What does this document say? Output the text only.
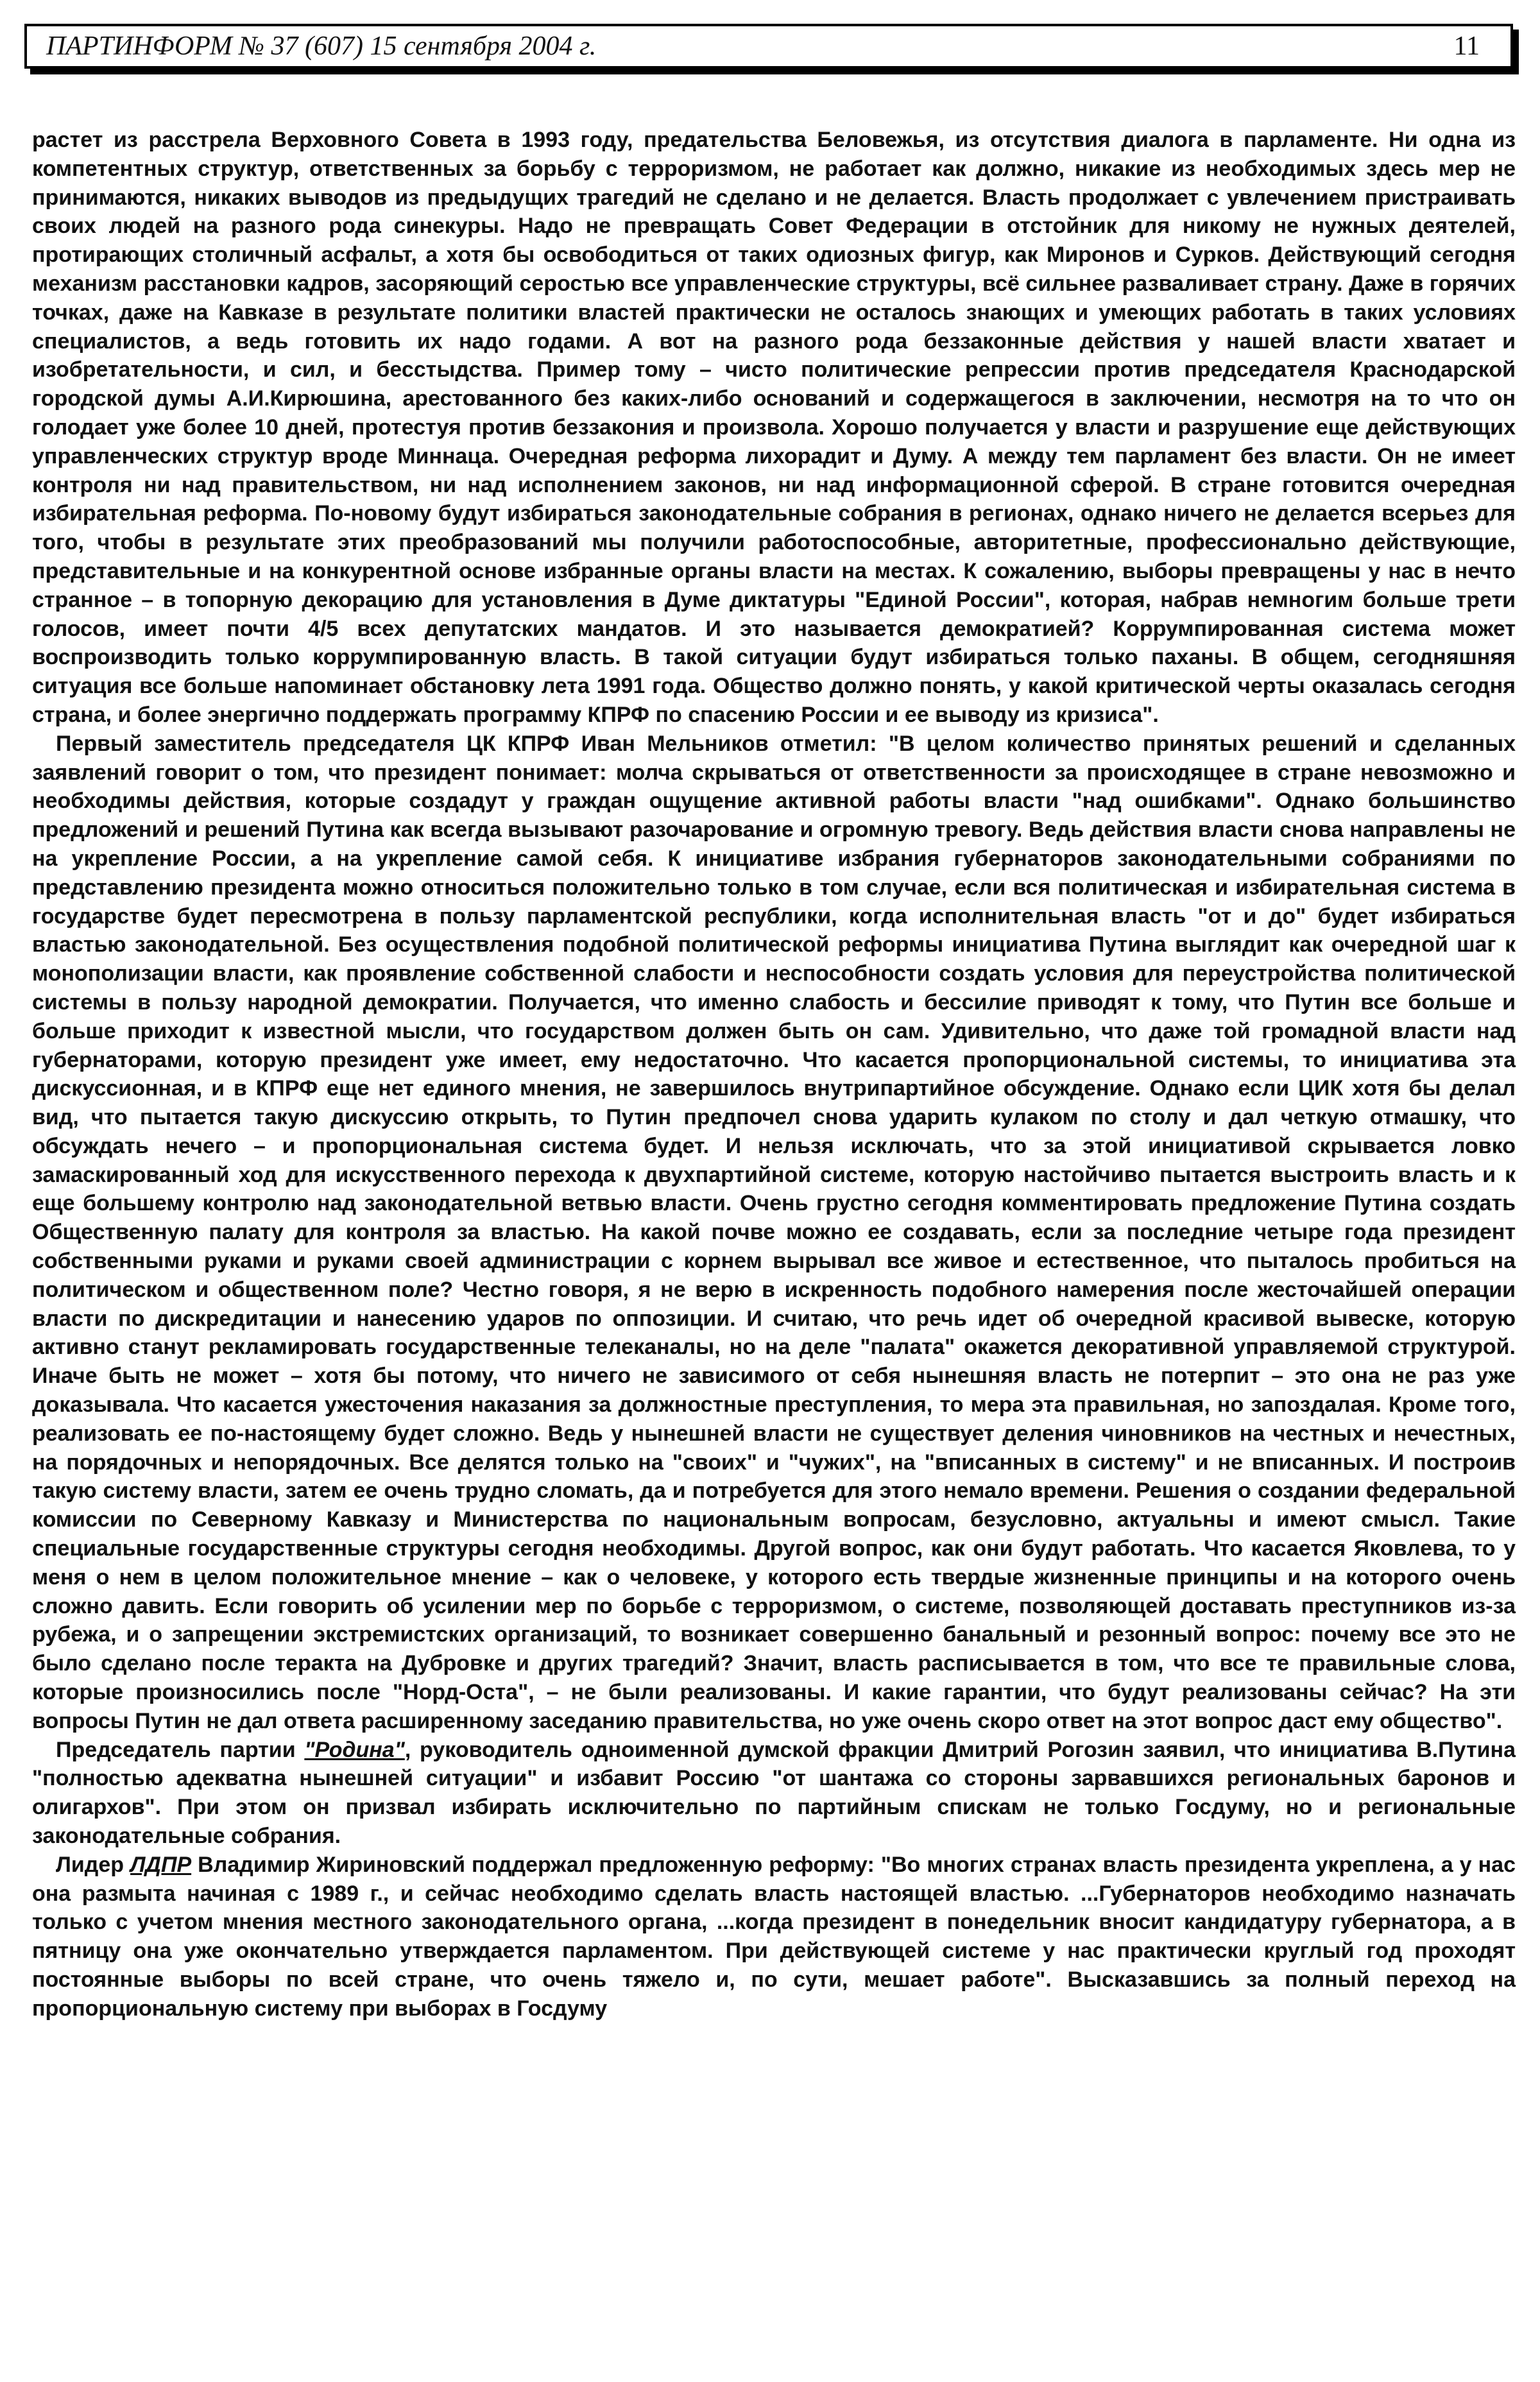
ПАРТИНФОРМ № 37 (607) 15 сентября 2004 г.	11

растет из расстрела Верховного Совета в 1993 году, предательства Беловежья, из отсутствия диалога в парламенте. Ни одна из компетентных структур, ответственных за борьбу с терроризмом, не работает как должно, никакие из необходимых здесь мер не принимаются, никаких выводов из предыдущих трагедий не сделано и не делается. Власть продолжает с увлечением пристраивать своих людей на разного рода синекуры. Надо не превращать Совет Федерации в отстойник для никому не нужных деятелей, протирающих столичный асфальт, а хотя бы освободиться от таких одиозных фигур, как Миронов и Сурков. Действующий сегодня механизм расстановки кадров, засоряющий серостью все управленческие структуры, всё сильнее разваливает страну. Даже в горячих точках, даже на Кавказе в результате политики властей практически не осталось знающих и умеющих работать в таких условиях специалистов, а ведь готовить их надо годами. А вот на разного рода беззаконные действия у нашей власти хватает и изобретательности, и сил, и бесстыдства. Пример тому – чисто политические репрессии против председателя Краснодарской городской думы А.И.Кирюшина, арестованного без каких-либо оснований и содержащегося в заключении, несмотря на то что он голодает уже более 10 дней, протестуя против беззакония и произвола. Хорошо получается у власти и разрушение еще действующих управленческих структур вроде Миннаца. Очередная реформа лихорадит и Думу. А между тем парламент без власти. Он не имеет контроля ни над правительством, ни над исполнением законов, ни над информационной сферой. В стране готовится очередная избирательная реформа. По-новому будут избираться законодательные собрания в регионах, однако ничего не делается всерьез для того, чтобы в результате этих преобразований мы получили работоспособные, авторитетные, профессионально действующие, представительные и на конкурентной основе избранные органы власти на местах. К сожалению, выборы превращены у нас в нечто странное – в топорную декорацию для установления в Думе диктатуры "Единой России", которая, набрав немногим больше трети голосов, имеет почти 4/5 всех депутатских мандатов. И это называется демократией? Коррумпированная система может воспроизводить только коррумпированную власть. В такой ситуации будут избираться только паханы. В общем, сегодняшняя ситуация все больше напоминает обстановку лета 1991 года. Общество должно понять, у какой критической черты оказалась сегодня страна, и более энергично поддержать программу КПРФ по спасению России и ее выводу из кризиса".

Первый заместитель председателя ЦК КПРФ Иван Мельников отметил: "В целом количество принятых решений и сделанных заявлений говорит о том, что президент понимает: молча скрываться от ответственности за происходящее в стране невозможно и необходимы действия, которые создадут у граждан ощущение активной работы власти "над ошибками". Однако большинство предложений и решений Путина как всегда вызывают разочарование и огромную тревогу. Ведь действия власти снова направлены не на укрепление России, а на укрепление самой себя. К инициативе избрания губернаторов законодательными собраниями по представлению президента можно относиться положительно только в том случае, если вся политическая и избирательная система в государстве будет пересмотрена в пользу парламентской республики, когда исполнительная власть "от и до" будет избираться властью законодательной. Без осуществления подобной политической реформы инициатива Путина выглядит как очередной шаг к монополизации власти, как проявление собственной слабости и неспособности создать условия для переустройства политической системы в пользу народной демократии. Получается, что именно слабость и бессилие приводят к тому, что Путин все больше и больше приходит к известной мысли, что государством должен быть он сам. Удивительно, что даже той громадной власти над губернаторами, которую президент уже имеет, ему недостаточно. Что касается пропорциональной системы, то инициатива эта дискуссионная, и в КПРФ еще нет единого мнения, не завершилось внутрипартийное обсуждение. Однако если ЦИК хотя бы делал вид, что пытается такую дискуссию открыть, то Путин предпочел снова ударить кулаком по столу и дал четкую отмашку, что обсуждать нечего – и пропорциональная система будет. И нельзя исключать, что за этой инициативой скрывается ловко замаскированный ход для искусственного перехода к двухпартийной системе, которую настойчиво пытается выстроить власть и к еще большему контролю над законодательной ветвью власти. Очень грустно сегодня комментировать предложение Путина создать Общественную палату для контроля за властью. На какой почве можно ее создавать, если за последние четыре года президент собственными руками и руками своей администрации с корнем вырывал все живое и естественное, что пыталось пробиться на политическом и общественном поле? Честно говоря, я не верю в искренность подобного намерения после жесточайшей операции власти по дискредитации и нанесению ударов по оппозиции. И считаю, что речь идет об очередной красивой вывеске, которую активно станут рекламировать государственные телеканалы, но на деле "палата" окажется декоративной управляемой структурой. Иначе быть не может – хотя бы потому, что ничего не зависимого от себя нынешняя власть не потерпит – это она не раз уже доказывала. Что касается ужесточения наказания за должностные преступления, то мера эта правильная, но запоздалая. Кроме того, реализовать ее по-настоящему будет сложно. Ведь у нынешней власти не существует деления чиновников на честных и нечестных, на порядочных и непорядочных. Все делятся только на "своих" и "чужих", на "вписанных в систему" и не вписанных. И построив такую систему власти, затем ее очень трудно сломать, да и потребуется для этого немало времени. Решения о создании федеральной комиссии по Северному Кавказу и Министерства по национальным вопросам, безусловно, актуальны и имеют смысл. Такие специальные государственные структуры сегодня необходимы. Другой вопрос, как они будут работать. Что касается Яковлева, то у меня о нем в целом положительное мнение – как о человеке, у которого есть твердые жизненные принципы и на которого очень сложно давить. Если говорить об усилении мер по борьбе с терроризмом, о системе, позволяющей доставать преступников из-за рубежа, и о запрещении экстремистских организаций, то возникает совершенно банальный и резонный вопрос: почему все это не было сделано после теракта на Дубровке и других трагедий? Значит, власть расписывается в том, что все те правильные слова, которые произносились после "Норд-Оста", – не были реализованы. И какие гарантии, что будут реализованы сейчас? На эти вопросы Путин не дал ответа расширенному заседанию правительства, но уже очень скоро ответ на этот вопрос даст ему общество".

Председатель партии "Родина", руководитель одноименной думской фракции Дмитрий Рогозин заявил, что инициатива В.Путина "полностью адекватна нынешней ситуации" и избавит Россию "от шантажа со стороны зарвавшихся региональных баронов и олигархов". При этом он призвал избирать исключительно по партийным спискам не только Госдуму, но и региональные законодательные собрания.

Лидер ЛДПР Владимир Жириновский поддержал предложенную реформу: "Во многих странах власть президента укреплена, а у нас она размыта начиная с 1989 г., и сейчас необходимо сделать власть настоящей властью. ...Губернаторов необходимо назначать только с учетом мнения местного законодательного органа, ...когда президент в понедельник вносит кандидатуру губернатора, а в пятницу она уже окончательно утверждается парламентом. При действующей системе у нас практически круглый год проходят постоянные выборы по всей стране, что очень тяжело и, по сути, мешает работе". Высказавшись за полный переход на пропорциональную систему при выборах в Госдуму
